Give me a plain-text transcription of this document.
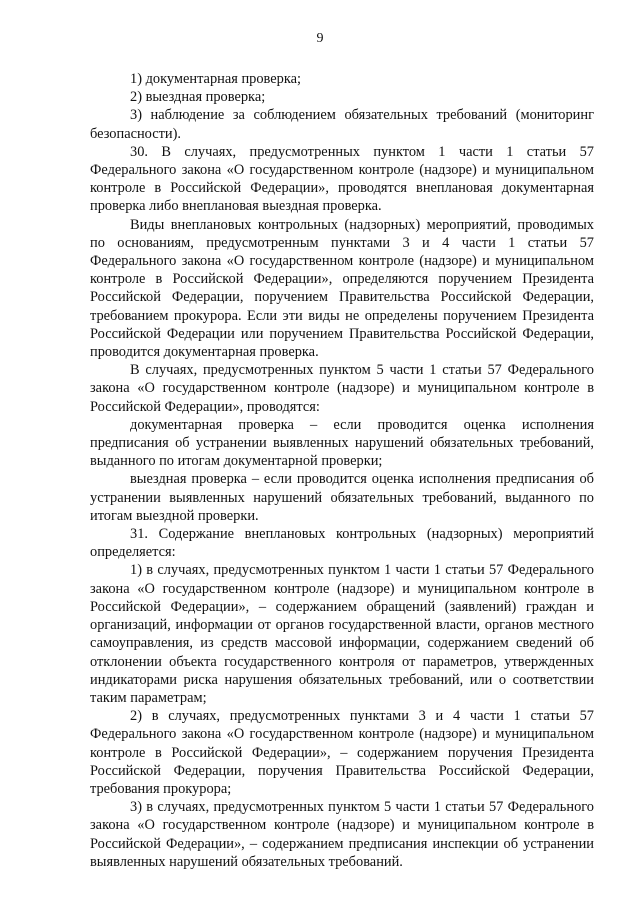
9

1) документарная проверка;

2) выездная проверка;

3) наблюдение за соблюдением обязательных требований (мониторинг безопасности).

30. В случаях, предусмотренных пунктом 1 части 1 статьи 57 Федерального закона «О государственном контроле (надзоре) и муниципальном контроле в Российской Федерации», проводятся внеплановая документарная проверка либо внеплановая выездная проверка.

Виды внеплановых контрольных (надзорных) мероприятий, проводимых по основаниям, предусмотренным пунктами 3 и 4 части 1 статьи 57 Федерального закона «О государственном контроле (надзоре) и муниципальном контроле в Российской Федерации», определяются поручением Президента Российской Федерации, поручением Правительства Российской Федерации, требованием прокурора. Если эти виды не определены поручением Президента Российской Федерации или поручением Правительства Российской Федерации, проводится документарная проверка.

В случаях, предусмотренных пунктом 5 части 1 статьи 57 Федерального закона «О государственном контроле (надзоре) и муниципальном контроле в Российской Федерации», проводятся:

документарная проверка – если проводится оценка исполнения предписания об устранении выявленных нарушений обязательных требований, выданного по итогам документарной проверки;

выездная проверка – если проводится оценка исполнения предписания об устранении выявленных нарушений обязательных требований, выданного по итогам выездной проверки.

31. Содержание внеплановых контрольных (надзорных) мероприятий определяется:

1) в случаях, предусмотренных пунктом 1 части 1 статьи 57 Федерального закона «О государственном контроле (надзоре) и муниципальном контроле в Российской Федерации», – содержанием обращений (заявлений) граждан и организаций, информации от органов государственной власти, органов местного самоуправления, из средств массовой информации, содержанием сведений об отклонении объекта государственного контроля от параметров, утвержденных индикаторами риска нарушения обязательных требований, или о соответствии таким параметрам;

2) в случаях, предусмотренных пунктами 3 и 4 части 1 статьи 57 Федерального закона «О государственном контроле (надзоре) и муниципальном контроле в Российской Федерации», – содержанием поручения Президента Российской Федерации, поручения Правительства Российской Федерации, требования прокурора;

3) в случаях, предусмотренных пунктом 5 части 1 статьи 57 Федерального закона «О государственном контроле (надзоре) и муниципальном контроле в Российской Федерации», – содержанием предписания инспекции об устранении выявленных нарушений обязательных требований.
